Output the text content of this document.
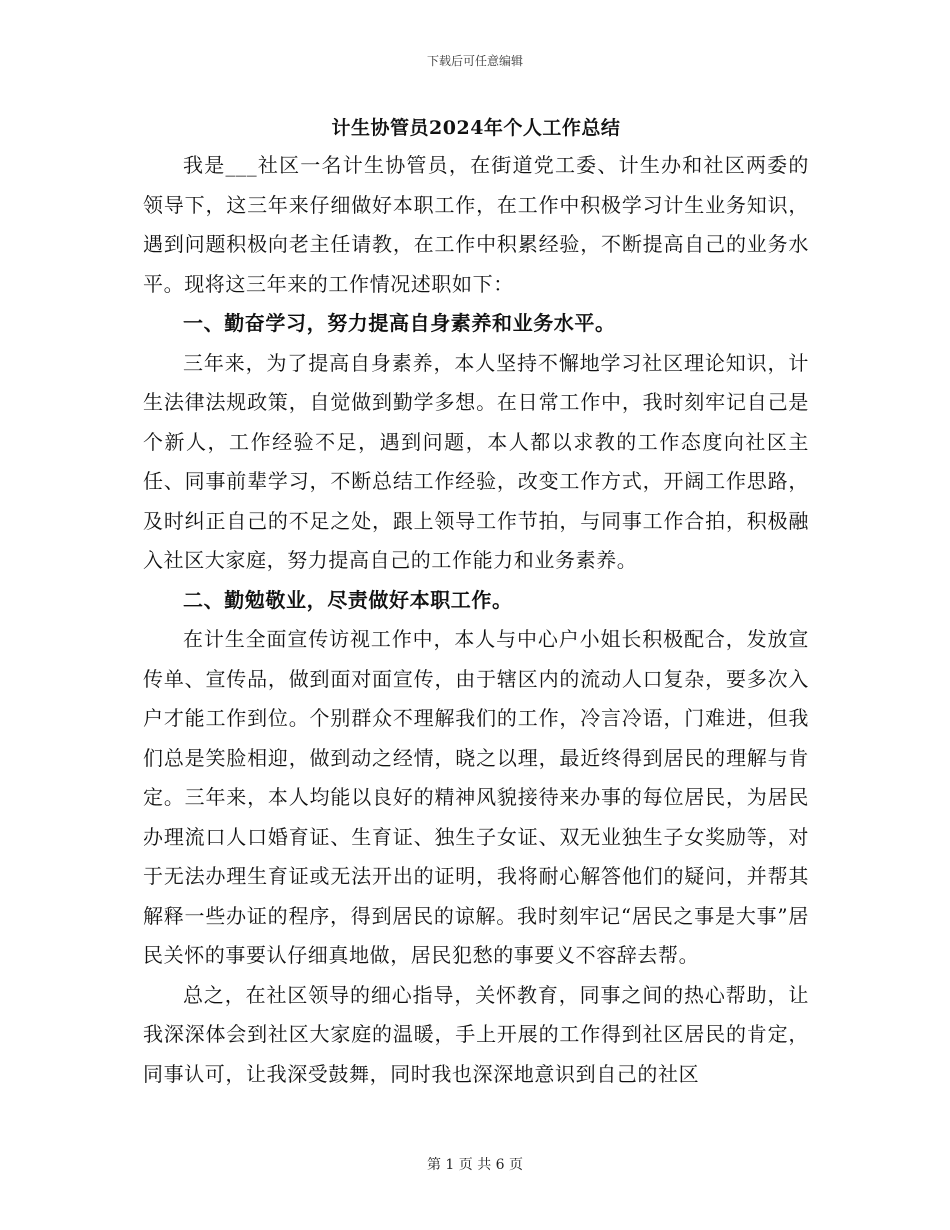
下载后可任意编辑
计生协管员2024年个人工作总结

我是___社区一名计生协管员，在街道党工委、计生办和社区两委的领导下，这三年来仔细做好本职工作，在工作中积极学习计生业务知识，遇到问题积极向老主任请教，在工作中积累经验，不断提高自己的业务水平。现将这三年来的工作情况述职如下：

一、勤奋学习，努力提高自身素养和业务水平。

三年来，为了提高自身素养，本人坚持不懈地学习社区理论知识，计生法律法规政策，自觉做到勤学多想。在日常工作中，我时刻牢记自己是个新人，工作经验不足，遇到问题，本人都以求教的工作态度向社区主任、同事前辈学习，不断总结工作经验，改变工作方式，开阔工作思路，及时纠正自己的不足之处，跟上领导工作节拍，与同事工作合拍，积极融入社区大家庭，努力提高自己的工作能力和业务素养。

二、勤勉敬业，尽责做好本职工作。

在计生全面宣传访视工作中，本人与中心户小姐长积极配合，发放宣传单、宣传品，做到面对面宣传，由于辖区内的流动人口复杂，要多次入户才能工作到位。个别群众不理解我们的工作，冷言冷语，门难进，但我们总是笑脸相迎，做到动之经情，晓之以理，最近终得到居民的理解与肯定。三年来，本人均能以良好的精神风貌接待来办事的每位居民，为居民办理流口人口婚育证、生育证、独生子女证、双无业独生子女奖励等，对于无法办理生育证或无法开出的证明，我将耐心解答他们的疑问，并帮其解释一些办证的程序，得到居民的谅解。我时刻牢记“居民之事是大事”居民关怀的事要认仔细真地做，居民犯愁的事要义不容辞去帮。

总之，在社区领导的细心指导，关怀教育，同事之间的热心帮助，让我深深体会到社区大家庭的温暖，手上开展的工作得到社区居民的肯定，同事认可，让我深受鼓舞，同时我也深深地意识到自己的社区

第 1 页 共 6 页
